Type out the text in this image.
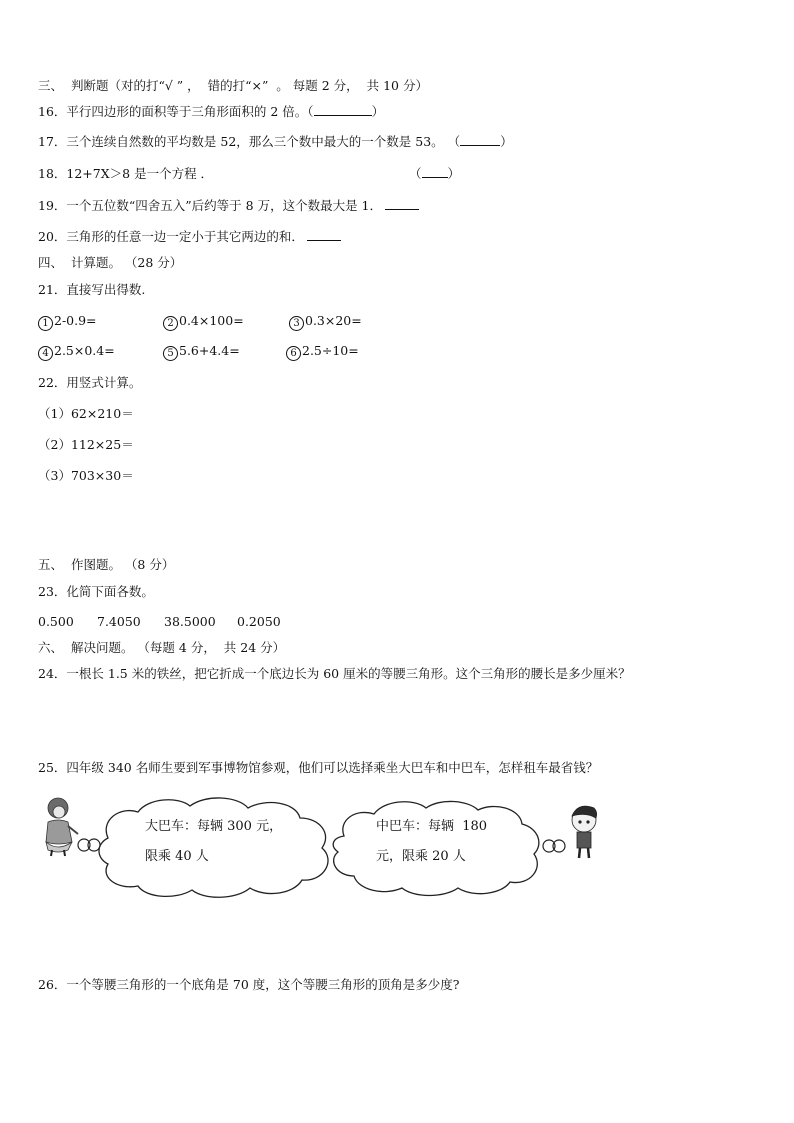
三、  判断题（对的打“√ ” ，  错的打“×”  。 每题 2 分，  共 10 分）
16．平行四边形的面积等于三角形面积的 2 倍。（	）
17．三个连续自然数的平均数是 52，那么三个数中最大的一个数是 53。 （	）
18．12+7X＞8 是一个方程 ．	（ ）
19．一个五位数“四舍五入”后约等于 8 万，这个数最大是 1．
20．三角形的任意一边一定小于其它两边的和．
四、  计算题。 （28 分）
21．直接写出得数.
1 2-0.9=	2 0.4×100=	3 0.3×20=
4 2.5×0.4=	5 5.6+4.4=	6 2.5÷10=
22．用竖式计算。
（1）62×210＝
（2）112×25＝
（3）703×30＝
五、  作图题。 （8 分）
23．化简下面各数。
0.500 7.4050 38.5000 0.2050
六、  解决问题。 （每题 4 分，  共 24 分）
24．一根长 1.5 米的铁丝，把它折成一个底边长为 60 厘米的等腰三角形。这个三角形的腰长是多少厘米？
25．四年级 340 名师生要到军事博物馆参观，他们可以选择乘坐大巴车和中巴车，怎样租车最省钱？
大巴车：每辆 300 元，
限乘 40 人
中巴车：每辆  180
元，限乘 20 人
26．一个等腰三角形的一个底角是 70 度，这个等腰三角形的顶角是多少度?
